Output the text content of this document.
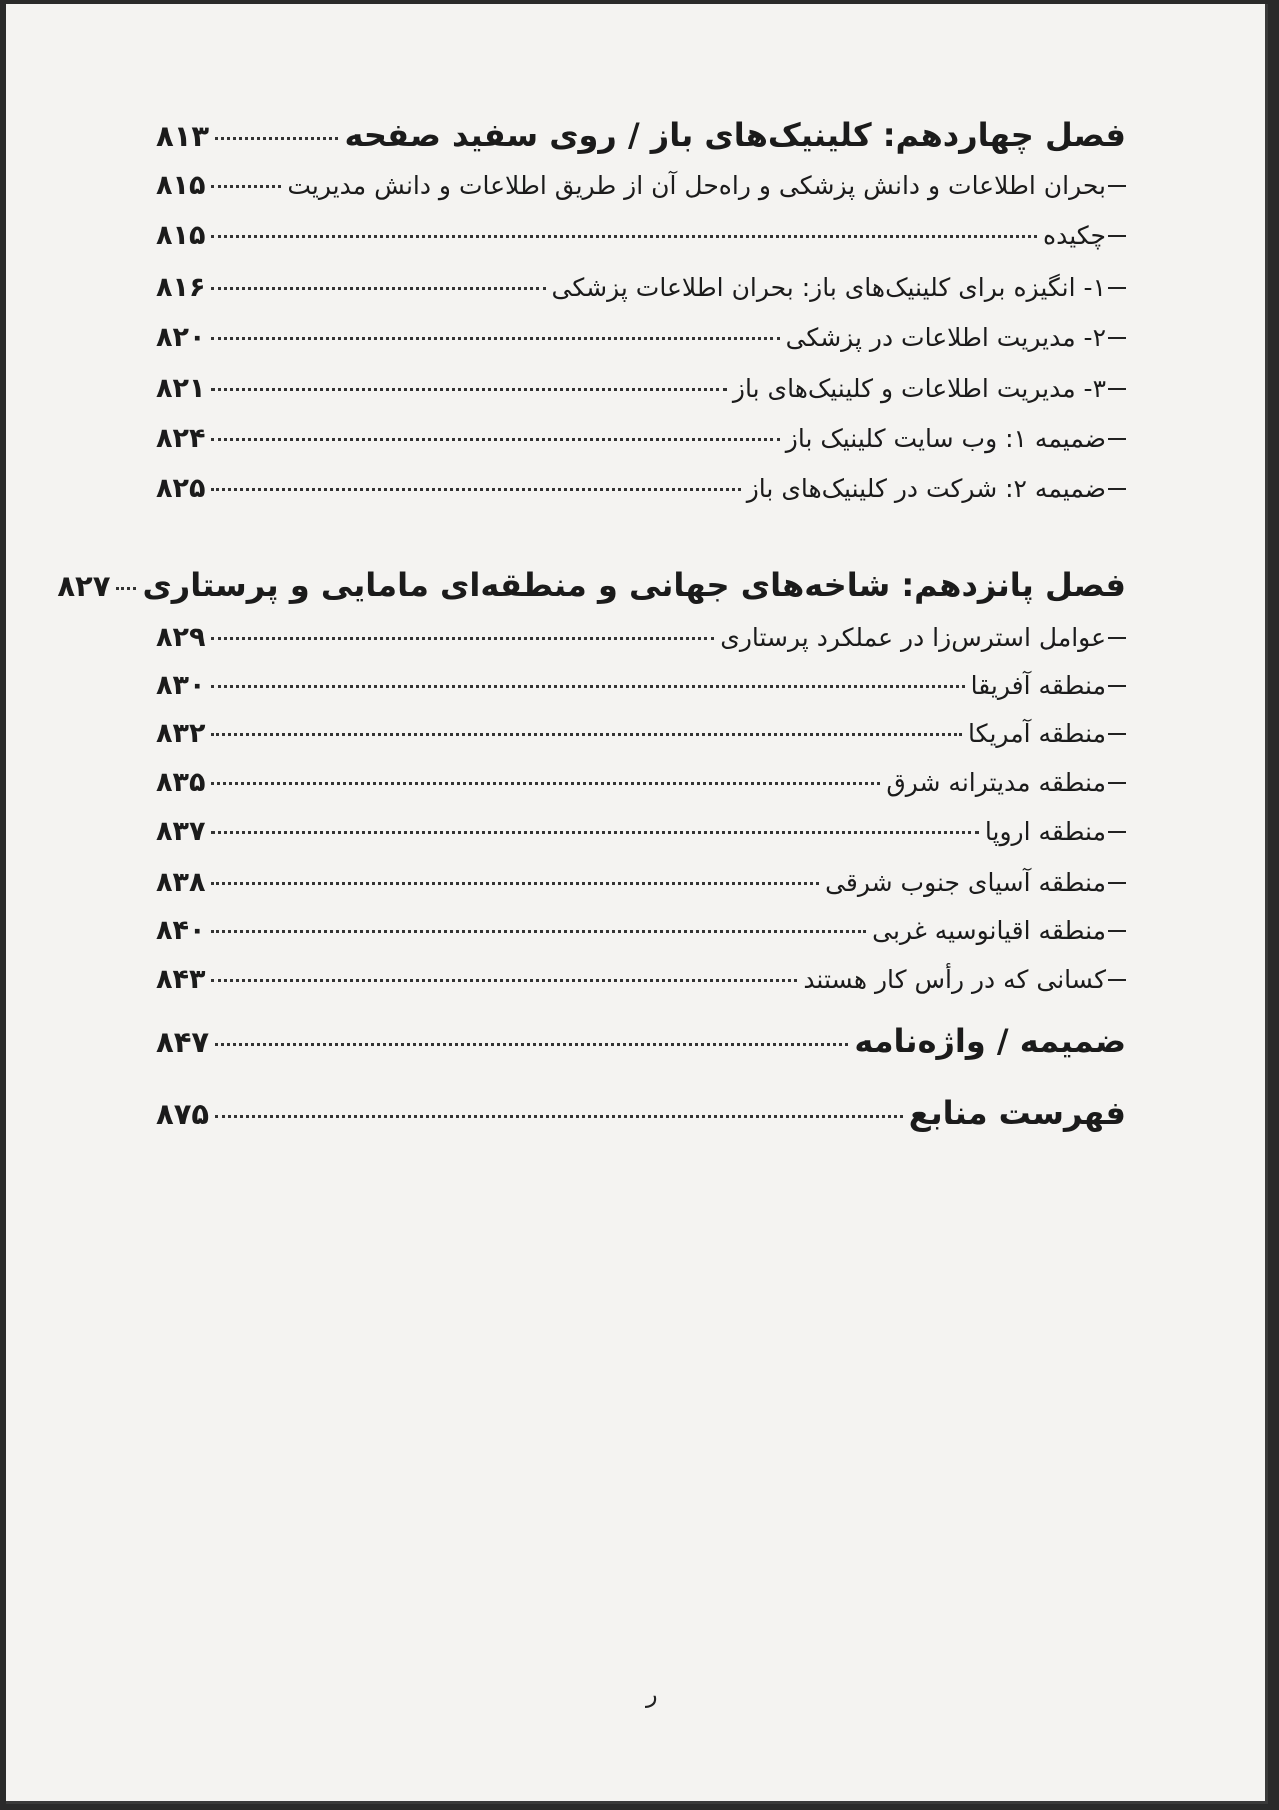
فصل چهاردهم: کلینیک‌های باز / روی سفید صفحه
۸۱۳
بحران اطلاعات و دانش پزشکی و راه‌حل آن از طریق اطلاعات و دانش مدیریت
۸۱۵
چکیده
۸۱۵
۱- انگیزه برای کلینیک‌های باز: بحران اطلاعات پزشکی
۸۱۶
۲- مدیریت اطلاعات در پزشکی
۸۲۰
۳- مدیریت اطلاعات و کلینیک‌های باز
۸۲۱
ضمیمه ۱: وب سایت کلینیک باز
۸۲۴
ضمیمه ۲: شرکت در کلینیک‌های باز
۸۲۵
فصل پانزدهم: شاخه‌های جهانی و منطقه‌ای مامایی و پرستاری
۸۲۷
عوامل استرس‌زا در عملکرد پرستاری
۸۲۹
منطقه آفریقا
۸۳۰
منطقه آمریکا
۸۳۲
منطقه مدیترانه شرق
۸۳۵
منطقه اروپا
۸۳۷
منطقه آسیای جنوب شرقی
۸۳۸
منطقه اقیانوسیه غربی
۸۴۰
کسانی که در رأس کار هستند
۸۴۳
ضمیمه / واژه‌نامه
۸۴۷
فهرست منابع
۸۷۵
ر
